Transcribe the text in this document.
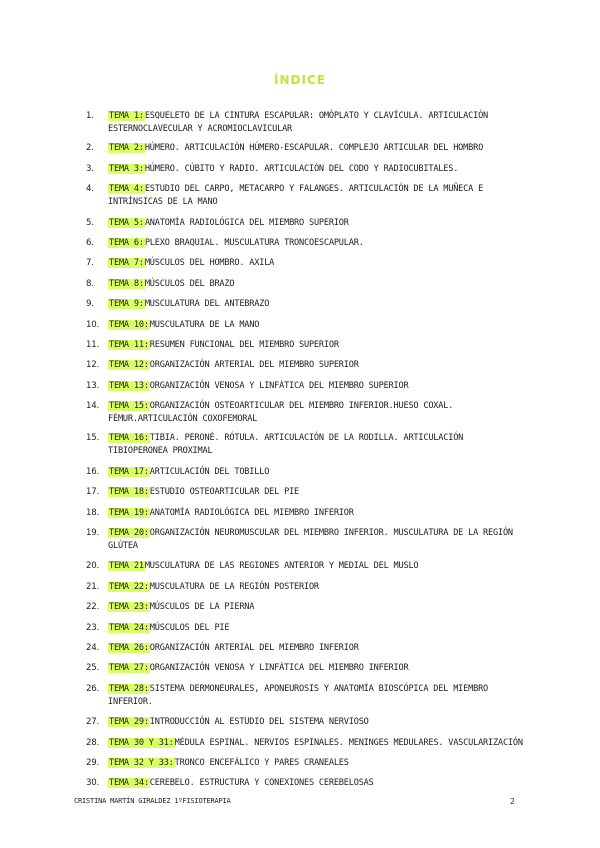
ÍNDICE
1.	TEMA 1:ESQUELETO DE LA CINTURA ESCAPULAR: OMÓPLATO Y CLAVÍCULA. ARTICULACIÓN ESTERNOCLAVECULAR Y ACROMIOCLAVICULAR
2.	TEMA 2:HÚMERO. ARTICULACIÓN HÚMERO-ESCAPULAR. COMPLEJO ARTICULAR DEL HOMBRO
3.	TEMA 3:HÚMERO. CÚBITO Y RADIO. ARTICULACIÓN DEL CODO Y RADIOCUBITALES.
4.	TEMA 4:ESTUDIO DEL CARPO, METACARPO Y FALANGES. ARTICULACIÓN DE LA MUÑECA E INTRÍNSICAS DE LA MANO
5.	TEMA 5:ANATOMÍA RADIOLÓGICA DEL MIEMBRO SUPERIOR
6.	TEMA 6:PLEXO BRAQUIAL. MUSCULATURA TRONCOESCAPULAR.
7.	TEMA 7:MÚSCULOS DEL HOMBRO. AXILA
8.	TEMA 8:MÚSCULOS DEL BRAZO
9.	TEMA 9:MUSCULATURA DEL ANTEBRAZO
10.	TEMA 10:MUSCULATURA DE LA MANO
11.	TEMA 11:RESUMEN FUNCIONAL DEL MIEMBRO SUPERIOR
12.	TEMA 12:ORGANIZACIÓN ARTERIAL DEL MIEMBRO SUPERIOR
13.	TEMA 13:ORGANIZACIÓN VENOSA Y LINFÁTICA DEL MIEMBRO SUPERIOR
14.	TEMA 15:ORGANIZACIÓN OSTEOARTICULAR DEL MIEMBRO INFERIOR.HUESO COXAL. FÉMUR.ARTICULACIÓN COXOFEMORAL
15.	TEMA 16:TIBIA. PERONÉ. RÓTULA. ARTICULACIÓN DE LA RODILLA. ARTICULACIÓN TIBIOPERONEA PROXIMAL
16.	TEMA 17:ARTICULACIÓN DEL TOBILLO
17.	TEMA 18:ESTUDIO OSTEOARTICULAR DEL PIE
18.	TEMA 19:ANATOMÍA RADIOLÓGICA DEL MIEMBRO INFERIOR
19.	TEMA 20:ORGANIZACIÓN NEUROMUSCULAR DEL MIEMBRO INFERIOR. MUSCULATURA DE LA REGIÓN GLÚTEA
20.	TEMA 21MUSCULATURA DE LAS REGIONES ANTERIOR Y MEDIAL DEL MUSLO
21.	TEMA 22:MUSCULATURA DE LA REGIÓN POSTERIOR
22.	TEMA 23:MÚSCULOS DE LA PIERNA
23.	TEMA 24:MÚSCULOS DEL PIE
24.	TEMA 26:ORGANIZACIÓN ARTERIAL DEL MIEMBRO INFERIOR
25.	TEMA 27:ORGANIZACIÓN VENOSA Y LINFÁTICA DEL MIEMBRO INFERIOR
26.	TEMA 28:SISTEMA DERMONEURALES, APONEUROSIS Y ANATOMÍA BIOSCÓPICA DEL MIEMBRO INFERIOR.
27.	TEMA 29:INTRODUCCIÓN AL ESTUDIO DEL SISTEMA NERVIOSO
28.	TEMA 30 Y 31:MÉDULA ESPINAL. NERVIOS ESPINALES. MENINGES MEDULARES. VASCULARIZACIÓN
29.	TEMA 32 Y 33:TRONCO ENCEFÁLICO Y PARES CRANEALES
30.	TEMA 34:CEREBELO. ESTRUCTURA Y CONEXIONES CEREBELOSAS
CRISTINA MARTÍN GIRALDEZ 1ºFISIOTERAPIA	2
